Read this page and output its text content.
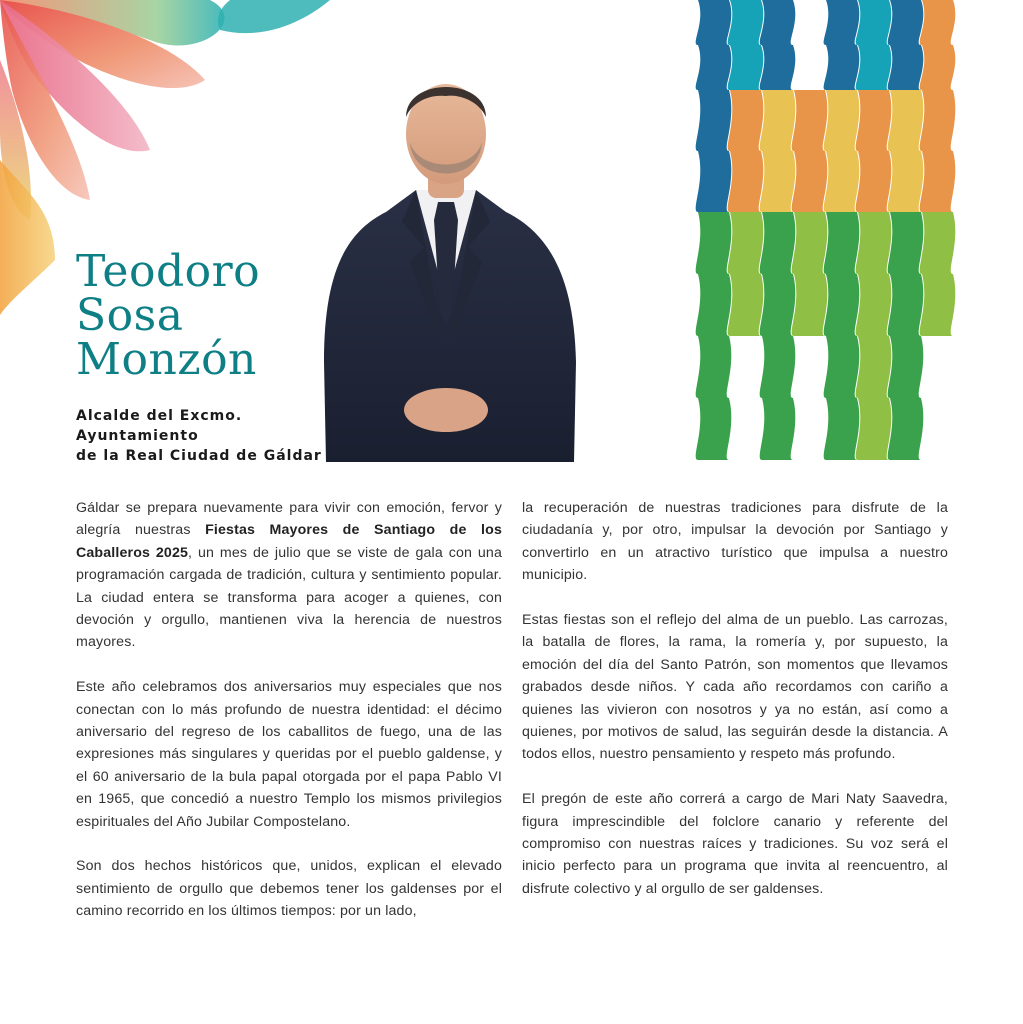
Teodoro
Sosa
Monzón

Alcalde del Excmo.
Ayuntamiento
de la Real Ciudad de Gáldar

Gáldar se prepara nuevamente para vivir con emoción, fervor y alegría nuestras Fiestas Mayores de Santiago de los Caballeros 2025, un mes de julio que se viste de gala con una programación cargada de tradición, cultura y sentimiento popular. La ciudad entera se transforma para acoger a quienes, con devoción y orgullo, mantienen viva la herencia de nuestros mayores.

Este año celebramos dos aniversarios muy especiales que nos conectan con lo más profundo de nuestra identidad: el décimo aniversario del regreso de los caballitos de fuego, una de las expresiones más singulares y queridas por el pueblo galdense, y el 60 aniversario de la bula papal otorgada por el papa Pablo VI en 1965, que concedió a nuestro Templo los mismos privilegios espirituales del Año Jubilar Compostelano.

Son dos hechos históricos que, unidos, explican el elevado sentimiento de orgullo que debemos tener los galdenses por el camino recorrido en los últimos tiempos: por un lado,

la recuperación de nuestras tradiciones para disfrute de la ciudadanía y, por otro, impulsar la devoción por Santiago y convertirlo en un atractivo turístico que impulsa a nuestro municipio.

Estas fiestas son el reflejo del alma de un pueblo. Las carrozas, la batalla de flores, la rama, la romería y, por supuesto, la emoción del día del Santo Patrón, son momentos que llevamos grabados desde niños. Y cada año recordamos con cariño a quienes las vivieron con nosotros y ya no están, así como a quienes, por motivos de salud, las seguirán desde la distancia. A todos ellos, nuestro pensamiento y respeto más profundo.

El pregón de este año correrá a cargo de Mari Naty Saavedra, figura imprescindible del folclore canario y referente del compromiso con nuestras raíces y tradiciones. Su voz será el inicio perfecto para un programa que invita al reencuentro, al disfrute colectivo y al orgullo de ser galdenses.
